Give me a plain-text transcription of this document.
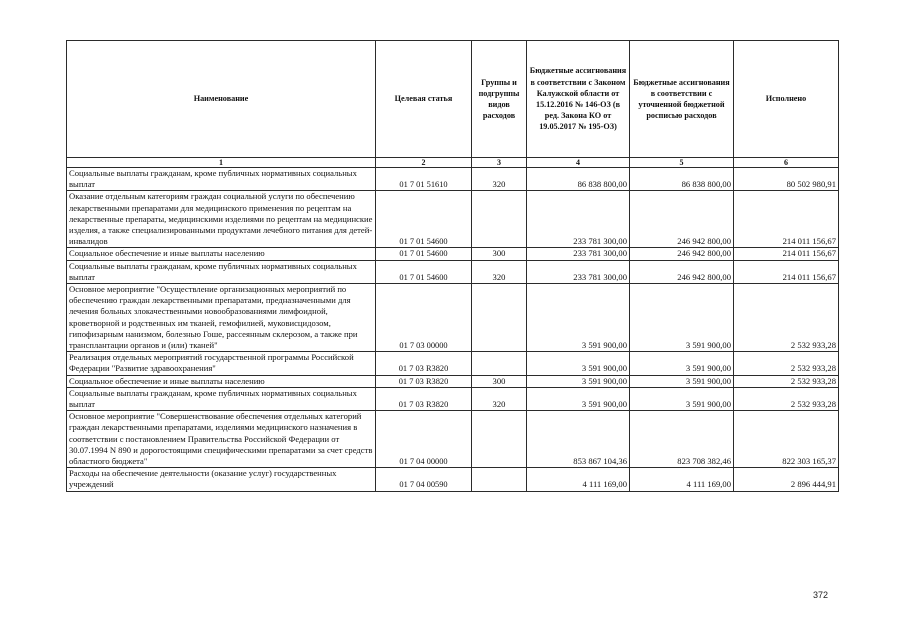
Наименование	Целевая статья	Группы и подгруппы видов расходов	Бюджетные ассигнования в соответствии с Законом Калужской области от 15.12.2016 № 146-ОЗ (в ред. Закона КО от 19.05.2017 № 195-ОЗ)	Бюджетные ассигнования в соответствии с уточненной бюджетной росписью расходов	Исполнено
1	2	3	4	5	6
Социальные выплаты гражданам, кроме публичных нормативных социальных выплат	01 7 01 51610	320	86 838 800,00	86 838 800,00	80 502 980,91
Оказание отдельным категориям граждан социальной услуги по обеспечению лекарственными препаратами для медицинского применения по рецептам на лекарственные препараты, медицинскими изделиями по рецептам на медицинские изделия, а также специализированными продуктами лечебного питания для детей-инвалидов	01 7 01 54600		233 781 300,00	246 942 800,00	214 011 156,67
Социальное обеспечение и иные выплаты населению	01 7 01 54600	300	233 781 300,00	246 942 800,00	214 011 156,67
Социальные выплаты гражданам, кроме публичных нормативных социальных выплат	01 7 01 54600	320	233 781 300,00	246 942 800,00	214 011 156,67
Основное мероприятие "Осуществление организационных мероприятий по обеспечению граждан лекарственными препаратами, предназначенными для лечения больных злокачественными новообразованиями лимфоидной, кроветворной и родственных им тканей, гемофилией, муковисцидозом, гипофизарным нанизмом, болезнью Гоше, рассеянным склерозом, а также при трансплантации органов и (или) тканей"	01 7 03 00000		3 591 900,00	3 591 900,00	2 532 933,28
Реализация отдельных мероприятий государственной программы Российской Федерации "Развитие здравоохранения"	01 7 03 R3820		3 591 900,00	3 591 900,00	2 532 933,28
Социальное обеспечение и иные выплаты населению	01 7 03 R3820	300	3 591 900,00	3 591 900,00	2 532 933,28
Социальные выплаты гражданам, кроме публичных нормативных социальных выплат	01 7 03 R3820	320	3 591 900,00	3 591 900,00	2 532 933,28
Основное мероприятие "Совершенствование обеспечения отдельных категорий граждан лекарственными препаратами, изделиями медицинского назначения в соответствии с постановлением Правительства Российской Федерации от 30.07.1994 N 890 и дорогостоящими специфическими препаратами за счет средств областного бюджета"	01 7 04 00000		853 867 104,36	823 708 382,46	822 303 165,37
Расходы на обеспечение деятельности (оказание услуг) государственных учреждений	01 7 04 00590		4 111 169,00	4 111 169,00	2 896 444,91
372
